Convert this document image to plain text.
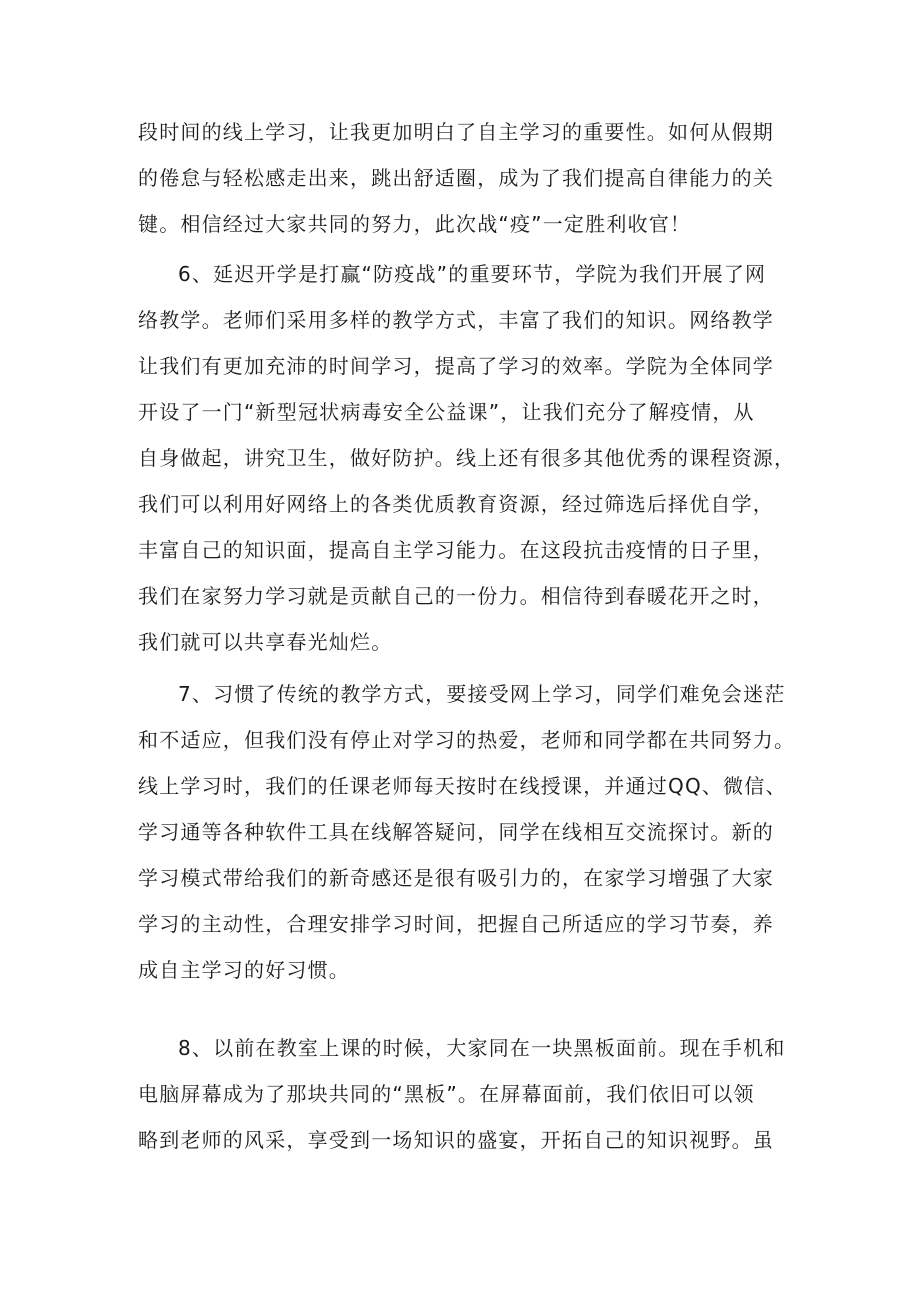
段时间的线上学习，让我更加明白了自主学习的重要性。如何从假期
的倦怠与轻松感走出来，跳出舒适圈，成为了我们提高自律能力的关
键。相信经过大家共同的努力，此次战“疫”一定胜利收官！
6、延迟开学是打赢“防疫战”的重要环节，学院为我们开展了网
络教学。老师们采用多样的教学方式，丰富了我们的知识。网络教学
让我们有更加充沛的时间学习，提高了学习的效率。学院为全体同学
开设了一门“新型冠状病毒安全公益课”，让我们充分了解疫情，从
自身做起，讲究卫生，做好防护。线上还有很多其他优秀的课程资源，
我们可以利用好网络上的各类优质教育资源，经过筛选后择优自学，
丰富自己的知识面，提高自主学习能力。在这段抗击疫情的日子里，
我们在家努力学习就是贡献自己的一份力。相信待到春暖花开之时，
我们就可以共享春光灿烂。
7、习惯了传统的教学方式，要接受网上学习，同学们难免会迷茫
和不适应，但我们没有停止对学习的热爱，老师和同学都在共同努力。
线上学习时，我们的任课老师每天按时在线授课，并通过QQ、微信、
学习通等各种软件工具在线解答疑问，同学在线相互交流探讨。新的
学习模式带给我们的新奇感还是很有吸引力的，在家学习增强了大家
学习的主动性，合理安排学习时间，把握自己所适应的学习节奏，养
成自主学习的好习惯。
8、以前在教室上课的时候，大家同在一块黑板面前。现在手机和
电脑屏幕成为了那块共同的“黑板”。在屏幕面前，我们依旧可以领
略到老师的风采，享受到一场知识的盛宴，开拓自己的知识视野。虽
